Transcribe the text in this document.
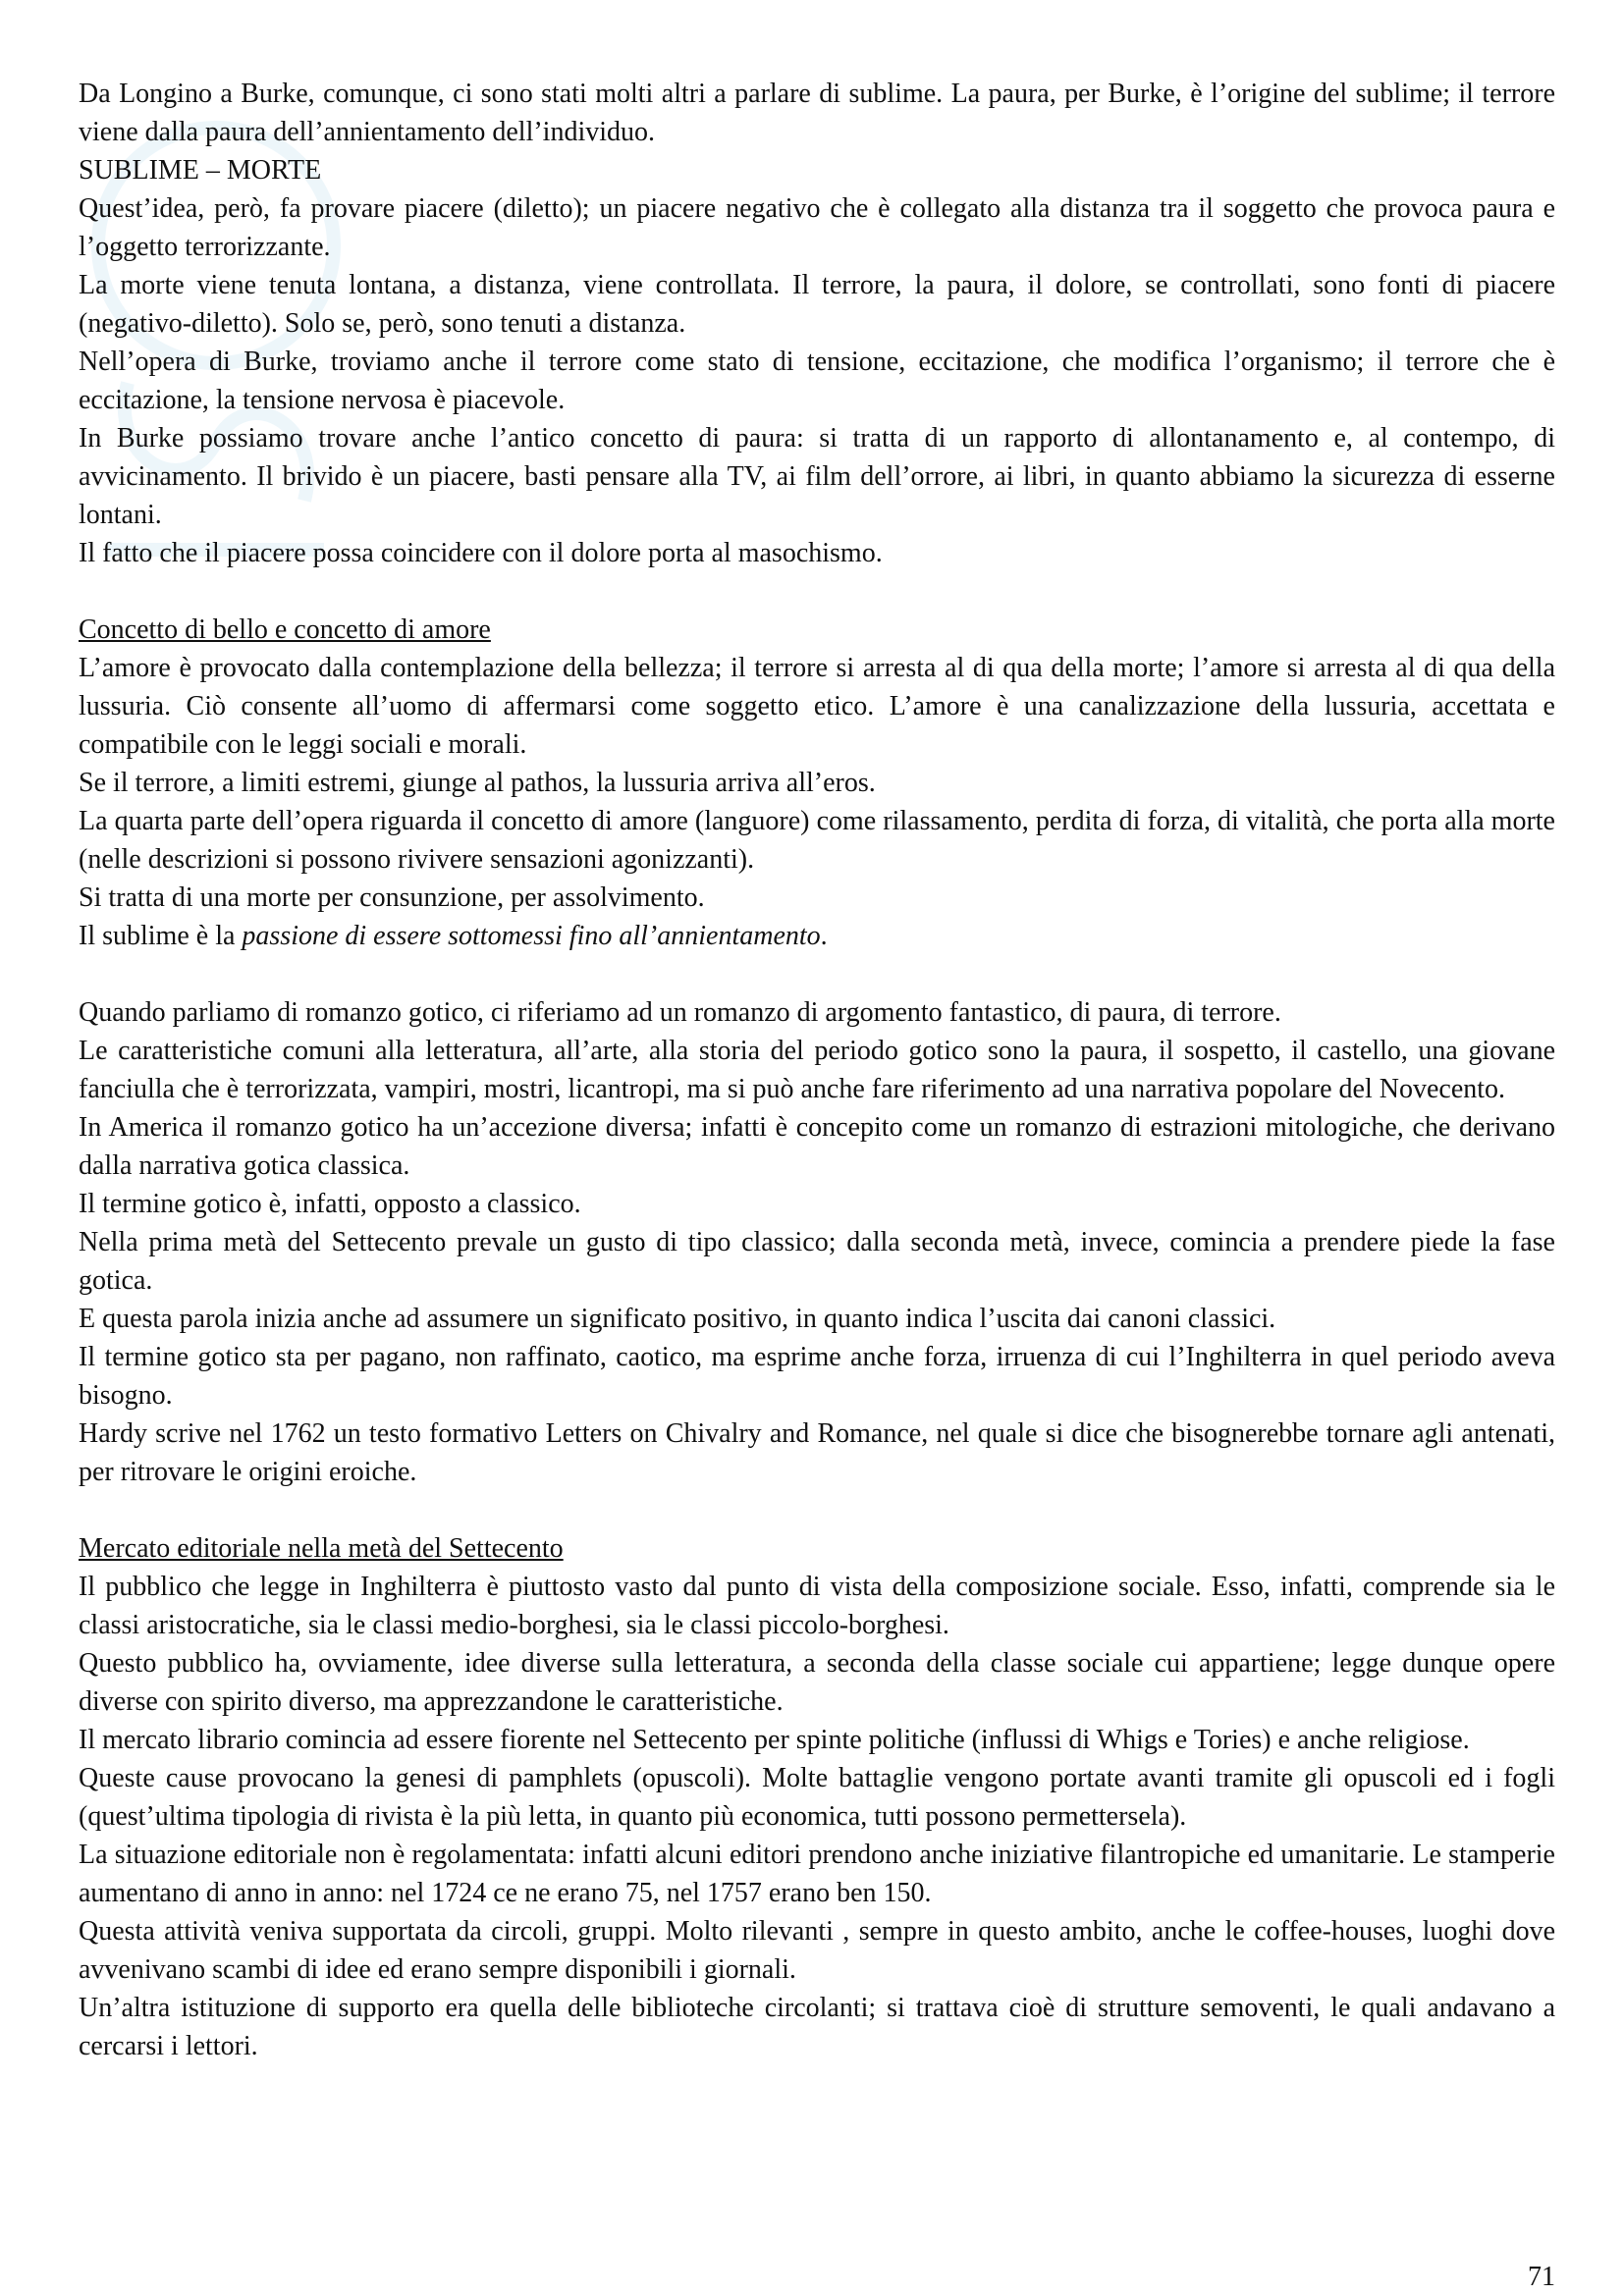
Da Longino a Burke, comunque, ci sono stati molti altri a parlare di sublime. La paura, per Burke, è l’origine del sublime; il terrore viene dalla paura dell’annientamento dell’individuo.

SUBLIME – MORTE

Quest’idea, però, fa provare piacere (diletto); un piacere negativo che è collegato alla distanza tra il soggetto che provoca paura e l’oggetto terrorizzante.

La morte viene tenuta lontana, a distanza, viene controllata. Il terrore, la paura, il dolore, se controllati, sono fonti di piacere (negativo-diletto). Solo se, però, sono tenuti a distanza.

Nell’opera di Burke, troviamo anche il terrore come stato di tensione, eccitazione, che modifica l’organismo; il terrore che è eccitazione, la tensione nervosa è piacevole.

In Burke possiamo trovare anche l’antico concetto di paura: si tratta di un rapporto di allontanamento e, al contempo, di avvicinamento. Il brivido è un piacere, basti pensare alla TV, ai film dell’orrore, ai libri, in quanto abbiamo la sicurezza di esserne lontani.

Il fatto che il piacere possa coincidere con il dolore porta al masochismo.

Concetto di bello e concetto di amore

L’amore è provocato dalla contemplazione della bellezza; il terrore si arresta al di qua della morte; l’amore si arresta al di qua della lussuria. Ciò consente all’uomo di affermarsi come soggetto etico. L’amore è una canalizzazione della lussuria, accettata e compatibile con le leggi sociali e morali.

Se il terrore, a limiti estremi, giunge al pathos, la lussuria arriva all’eros.

La quarta parte dell’opera riguarda il concetto di amore (languore) come rilassamento, perdita di forza, di vitalità, che porta alla morte (nelle descrizioni si possono rivivere sensazioni agonizzanti).

Si tratta di una morte per consunzione, per assolvimento.

Il sublime è la passione di essere sottomessi fino all’annientamento.

Quando parliamo di romanzo gotico, ci riferiamo ad un romanzo di argomento fantastico, di paura, di terrore.

Le caratteristiche comuni alla letteratura, all’arte, alla storia del periodo gotico sono la paura, il sospetto, il castello, una giovane fanciulla che è terrorizzata, vampiri, mostri, licantropi, ma si può anche fare riferimento ad una narrativa popolare del Novecento.

In America il romanzo gotico ha un’accezione diversa; infatti è concepito come un romanzo di estrazioni mitologiche, che derivano dalla narrativa gotica classica.

Il termine gotico è, infatti, opposto a classico.

Nella prima metà del Settecento prevale un gusto di tipo classico; dalla seconda metà, invece, comincia a prendere piede la fase gotica.

E questa parola inizia anche ad assumere un significato positivo, in quanto indica l’uscita dai canoni classici.

Il termine gotico sta per pagano, non raffinato, caotico, ma esprime anche forza, irruenza di cui l’Inghilterra in quel periodo aveva bisogno.

Hardy scrive nel 1762 un testo formativo Letters on Chivalry and Romance, nel quale si dice che bisognerebbe tornare agli antenati, per ritrovare le origini eroiche.

Mercato editoriale nella metà del Settecento

Il pubblico che legge in Inghilterra è piuttosto vasto dal punto di vista della composizione sociale. Esso, infatti, comprende sia le classi aristocratiche, sia le classi medio-borghesi, sia le classi piccolo-borghesi.

Questo pubblico ha, ovviamente, idee diverse sulla letteratura, a seconda della classe sociale cui appartiene; legge dunque opere diverse con spirito diverso, ma apprezzandone le caratteristiche.

Il mercato librario comincia ad essere fiorente nel Settecento per spinte politiche (influssi di Whigs e Tories) e anche religiose.

Queste cause provocano la genesi di pamphlets (opuscoli). Molte battaglie vengono portate avanti tramite gli opuscoli ed i fogli (quest’ultima tipologia di rivista è la più letta, in quanto più economica, tutti possono permettersela).

La situazione editoriale non è regolamentata: infatti alcuni editori prendono anche iniziative filantropiche ed umanitarie. Le stamperie aumentano di anno in anno: nel 1724 ce ne erano 75, nel 1757 erano ben 150.

Questa attività veniva supportata da circoli, gruppi. Molto rilevanti , sempre in questo ambito, anche le coffee-houses, luoghi dove avvenivano scambi di idee ed erano sempre disponibili i giornali.

Un’altra istituzione di supporto era quella delle biblioteche circolanti; si trattava cioè di strutture semoventi, le quali andavano a cercarsi i lettori.

71
